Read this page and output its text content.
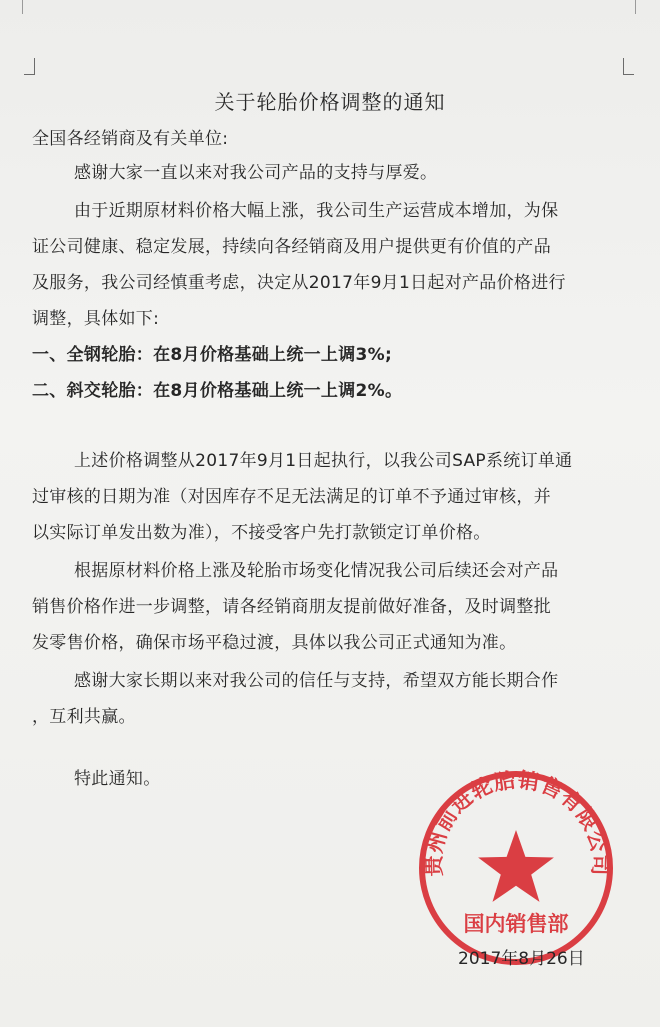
关于轮胎价格调整的通知
全国各经销商及有关单位:
感谢大家一直以来对我公司产品的支持与厚爱。
由于近期原材料价格大幅上涨，我公司生产运营成本增加，为保
证公司健康、稳定发展，持续向各经销商及用户提供更有价值的产品
及服务，我公司经慎重考虑，决定从2017年9月1日起对产品价格进行
调整，具体如下:
一、全钢轮胎：在8月价格基础上统一上调3%;
二、斜交轮胎：在8月价格基础上统一上调2%。
上述价格调整从2017年9月1日起执行，以我公司SAP系统订单通
过审核的日期为准（对因库存不足无法满足的订单不予通过审核，并
以实际订单发出数为准），不接受客户先打款锁定订单价格。
根据原材料价格上涨及轮胎市场变化情况我公司后续还会对产品
销售价格作进一步调整，请各经销商朋友提前做好准备，及时调整批
发零售价格，确保市场平稳过渡，具体以我公司正式通知为准。
感谢大家长期以来对我公司的信任与支持，希望双方能长期合作
，互利共赢。
特此通知。
贵州前进轮胎销售有限公司
国内销售部
2017年8月26日
